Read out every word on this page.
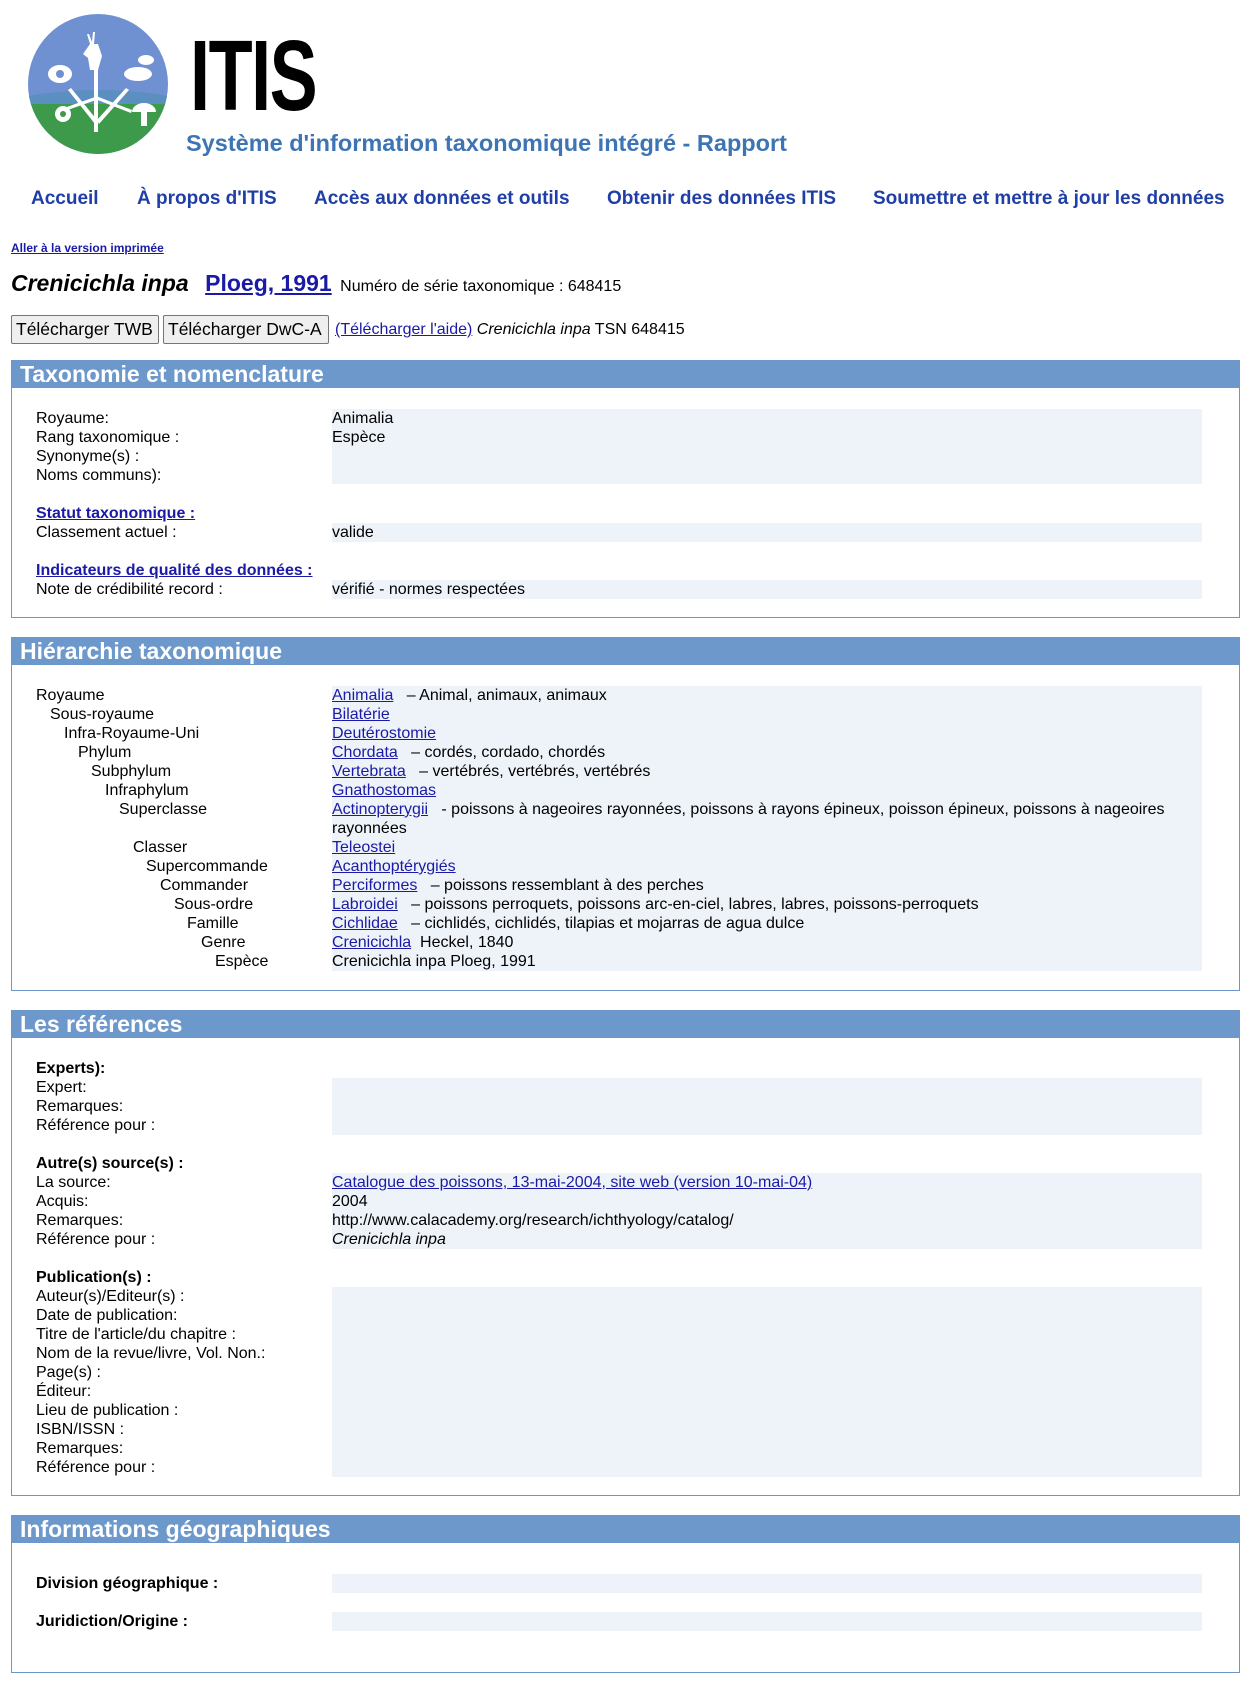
ITIS
Système d'information taxonomique intégré - Rapport
Accueil À propos d'ITIS Accès aux données et outils Obtenir des données ITIS Soumettre et mettre à jour les données
Aller à la version imprimée
Crenicichla inpa Ploeg, 1991 Numéro de série taxonomique : 648415
Télécharger TWB Télécharger DwC-A (Télécharger l'aide) Crenicichla inpa TSN 648415
Taxonomie et nomenclature
Royaume:	Animalia
Rang taxonomique :	Espèce
Synonyme(s) :
Noms communs):
Statut taxonomique :
Classement actuel :	valide
Indicateurs de qualité des données :
Note de crédibilité record :	vérifié - normes respectées
Hiérarchie taxonomique
Royaume	Animalia – Animal, animaux, animaux
Sous-royaume	Bilatérie
Infra-Royaume-Uni	Deutérostomie
Phylum	Chordata – cordés, cordado, chordés
Subphylum	Vertebrata – vertébrés, vertébrés, vertébrés
Infraphylum	Gnathostomas
Superclasse	Actinopterygii - poissons à nageoires rayonnées, poissons à rayons épineux, poisson épineux, poissons à nageoires
rayonnées
Classer	Teleostei
Supercommande	Acanthoptérygiés
Commander	Perciformes – poissons ressemblant à des perches
Sous-ordre	Labroidei – poissons perroquets, poissons arc-en-ciel, labres, labres, poissons-perroquets
Famille	Cichlidae – cichlidés, cichlidés, tilapias et mojarras de agua dulce
Genre	Crenicichla Heckel, 1840
Espèce	Crenicichla inpa Ploeg, 1991
Les références
Experts):
Expert:
Remarques:
Référence pour :
Autre(s) source(s) :
La source:	Catalogue des poissons, 13-mai-2004, site web (version 10-mai-04)
Acquis:	2004
Remarques:	http://www.calacademy.org/research/ichthyology/catalog/
Référence pour :	Crenicichla inpa
Publication(s) :
Auteur(s)/Editeur(s) :
Date de publication:
Titre de l'article/du chapitre :
Nom de la revue/livre, Vol. Non.:
Page(s) :
Éditeur:
Lieu de publication :
ISBN/ISSN :
Remarques:
Référence pour :
Informations géographiques
Division géographique :
Juridiction/Origine :
